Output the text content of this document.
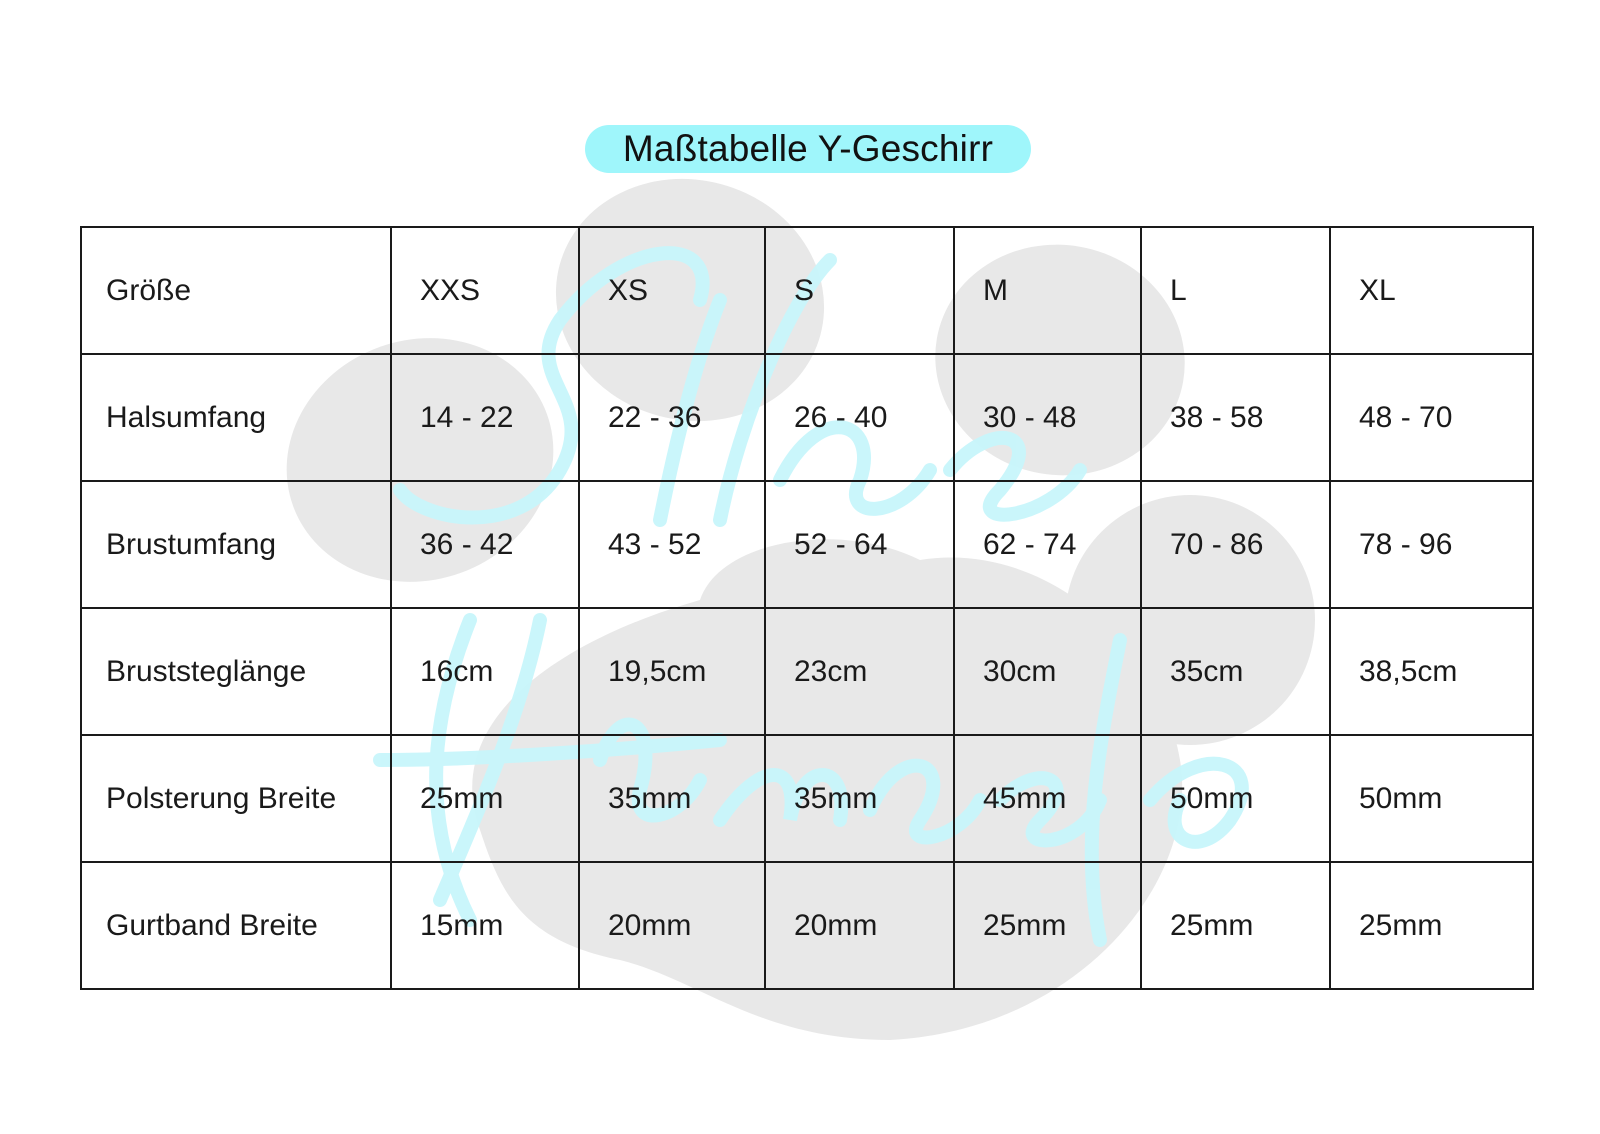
Maßtabelle Y-Geschirr
Größe	XXS	XS	S	M	L	XL
Halsumfang	14 - 22	22 - 36	26 - 40	30 - 48	38 - 58	48 - 70
Brustumfang	36 - 42	43 - 52	52 - 64	62 - 74	70 - 86	78 - 96
Bruststeglänge	16cm	19,5cm	23cm	30cm	35cm	38,5cm
Polsterung Breite	25mm	35mm	35mm	45mm	50mm	50mm
Gurtband Breite	15mm	20mm	20mm	25mm	25mm	25mm
